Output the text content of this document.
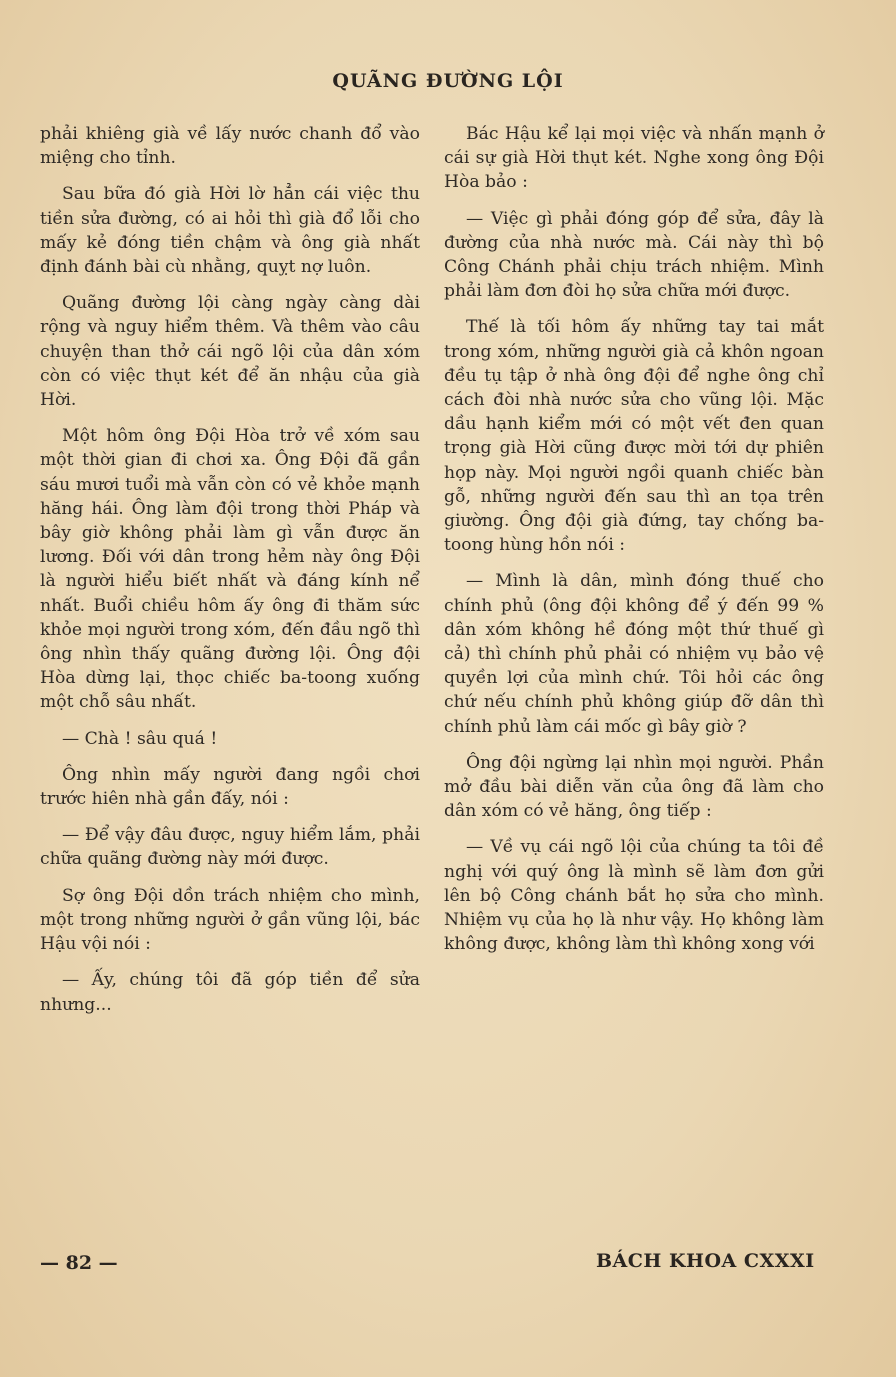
QUÃNG ĐƯỜNG LỘI

phải khiêng già về lấy nước chanh đổ vào miệng cho tỉnh.

Sau bữa đó già Hời lờ hẳn cái việc thu tiền sửa đường, có ai hỏi thì già đổ lỗi cho mấy kẻ đóng tiền chậm và ông già nhất định đánh bài cù nhằng, quỵt nợ luôn.

Quãng đường lội càng ngày càng dài rộng và nguy hiểm thêm. Và thêm vào câu chuyện than thở cái ngõ lội của dân xóm còn có việc thụt két để ăn nhậu của già Hời.

Một hôm ông Đội Hòa trở về xóm sau một thời gian đi chơi xa. Ông Đội đã gần sáu mươi tuổi mà vẫn còn có vẻ khỏe mạnh hăng hái. Ông làm đội trong thời Pháp và bây giờ không phải làm gì vẫn được ăn lương. Đối với dân trong hẻm này ông Đội là người hiểu biết nhất và đáng kính nể nhất. Buổi chiều hôm ấy ông đi thăm sức khỏe mọi người trong xóm, đến đầu ngõ thì ông nhìn thấy quãng đường lội. Ông đội Hòa dừng lại, thọc chiếc ba-toong xuống một chỗ sâu nhất.

— Chà ! sâu quá !

Ông nhìn mấy người đang ngồi chơi trước hiên nhà gần đấy, nói :

— Để vậy đâu được, nguy hiểm lắm, phải chữa quãng đường này mới được.

Sợ ông Đội dồn trách nhiệm cho mình, một trong những người ở gần vũng lội, bác Hậu vội nói :

— Ấy, chúng tôi đã góp tiền để sửa nhưng...

Bác Hậu kể lại mọi việc và nhấn mạnh ở cái sự già Hời thụt két. Nghe xong ông Đội Hòa bảo :

— Việc gì phải đóng góp để sửa, đây là đường của nhà nước mà. Cái này thì bộ Công Chánh phải chịu trách nhiệm. Mình phải làm đơn đòi họ sửa chữa mới được.

Thế là tối hôm ấy những tay tai mắt trong xóm, những người già cả khôn ngoan đều tụ tập ở nhà ông đội để nghe ông chỉ cách đòi nhà nước sửa cho vũng lội. Mặc dầu hạnh kiểm mới có một vết đen quan trọng già Hời cũng được mời tới dự phiên họp này. Mọi người ngồi quanh chiếc bàn gỗ, những người đến sau thì an tọa trên giường. Ông đội già đứng, tay chống ba-toong hùng hồn nói :

— Mình là dân, mình đóng thuế cho chính phủ (ông đội không để ý đến 99 % dân xóm không hề đóng một thứ thuế gì cả) thì chính phủ phải có nhiệm vụ bảo vệ quyền lợi của mình chứ. Tôi hỏi các ông chứ nếu chính phủ không giúp đỡ dân thì chính phủ làm cái mốc gì bây giờ ?

Ông đội ngừng lại nhìn mọi người. Phần mở đầu bài diễn văn của ông đã làm cho dân xóm có vẻ hăng, ông tiếp :

— Về vụ cái ngõ lội của chúng ta tôi đề nghị với quý ông là mình sẽ làm đơn gửi lên bộ Công chánh bắt họ sửa cho mình. Nhiệm vụ của họ là như vậy. Họ không làm không được, không làm thì không xong với

— 82 —	BÁCH KHOA CXXXI
